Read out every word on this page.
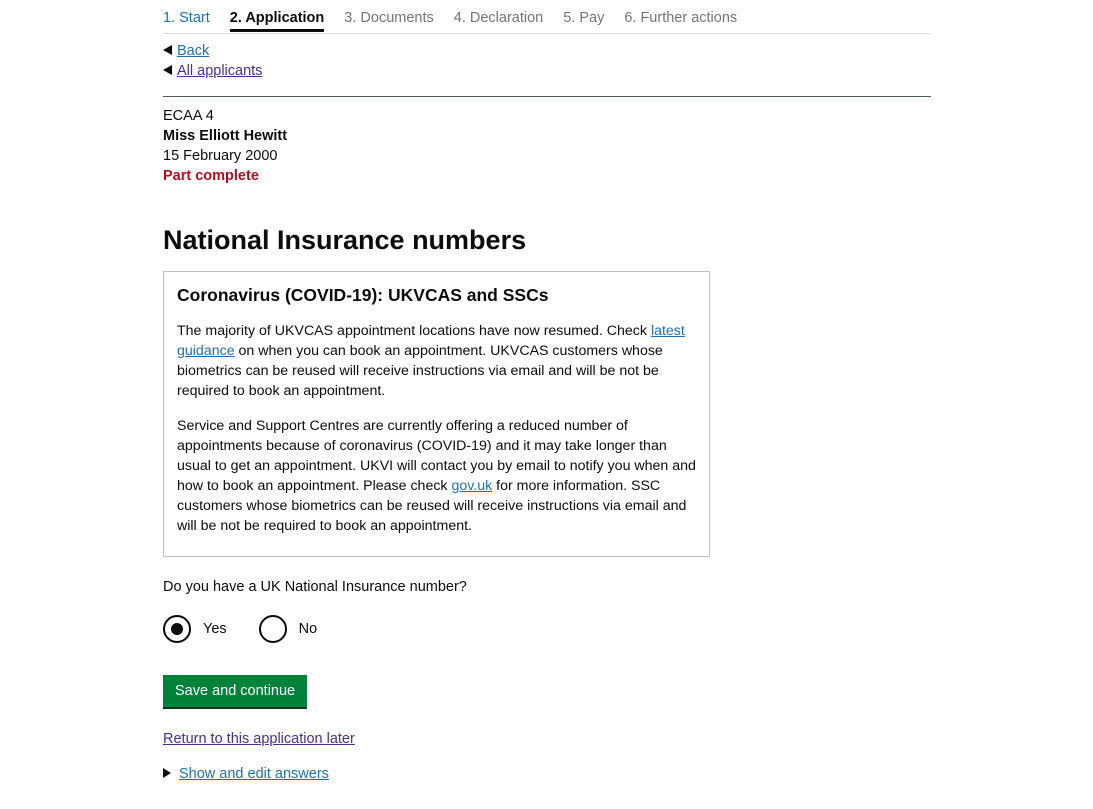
1. Start 2. Application 3. Documents 4. Declaration 5. Pay 6. Further actions
Back
All applicants
ECAA 4
Miss Elliott Hewitt
15 February 2000
Part complete
National Insurance numbers
Coronavirus (COVID-19): UKVCAS and SSCs

The majority of UKVCAS appointment locations have now resumed. Check latest guidance on when you can book an appointment. UKVCAS customers whose biometrics can be reused will receive instructions via email and will be not be required to book an appointment.

Service and Support Centres are currently offering a reduced number of appointments because of coronavirus (COVID-19) and it may take longer than usual to get an appointment. UKVI will contact you by email to notify you when and how to book an appointment. Please check gov.uk for more information. SSC customers whose biometrics can be reused will receive instructions via email and will be not be required to book an appointment.

Do you have a UK National Insurance number?
Yes	No
Save and continue
Return to this application later
Show and edit answers
